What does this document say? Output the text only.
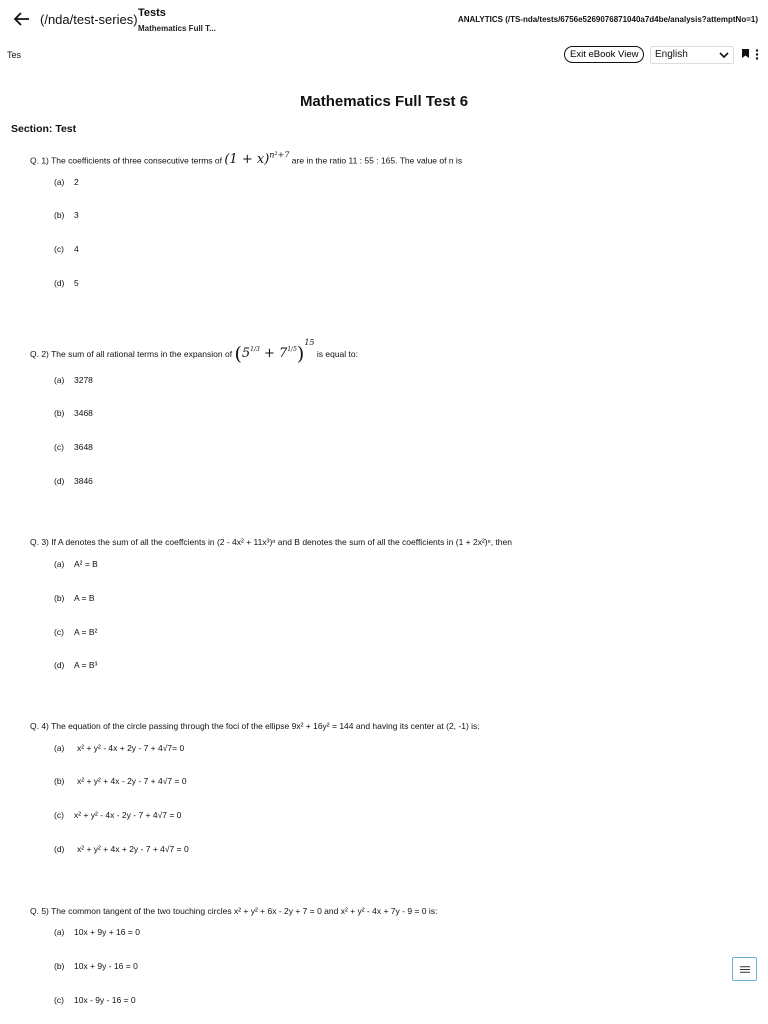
(/nda/test-series) Tests
Mathematics Full T...
ANALYTICS (/TS-nda/tests/6756e5269076871040a7d4be/analysis?attemptNo=1)
Tes	Exit eBook View	English
Mathematics Full Test 6
Section: Test
Q. 1) The coefficients of three consecutive terms of $(1 + x)^{n^2+7}$ are in the ratio 11 : 55 : 165. The value of n is
(a) 2
(b) 3
(c) 4
(d) 5
Q. 2) The sum of all rational terms in the expansion of $(5^{1/3} + 7^{1/5})^{15}$ is equal to:
(a) 3278
(b) 3468
(c) 3648
(d) 3846
Q. 3) If A denotes the sum of all the coeffcients in (2 - 4x² + 11x³)ⁿ and B denotes the sum of all the coefficients in (1 + 2x²)ⁿ, then
(a) A² = B
(b) A = B
(c) A = B²
(d) A = B³
Q. 4) The equation of the circle passing through the foci of the ellipse 9x² + 16y² = 144 and having its center at (2, -1) is:
(a) x² + y² - 4x + 2y - 7 + 4√7= 0
(b) x² + y² + 4x - 2y - 7 + 4√7 = 0
(c) x² + y² - 4x - 2y - 7 + 4√7 = 0
(d) x² + y² + 4x + 2y - 7 + 4√7 = 0
Q. 5) The common tangent of the two touching circles x² + y² + 6x - 2y + 7 = 0 and x² + y² - 4x + 7y - 9 = 0 is:
(a) 10x + 9y + 16 = 0
(b) 10x + 9y - 16 = 0
(c) 10x - 9y - 16 = 0
